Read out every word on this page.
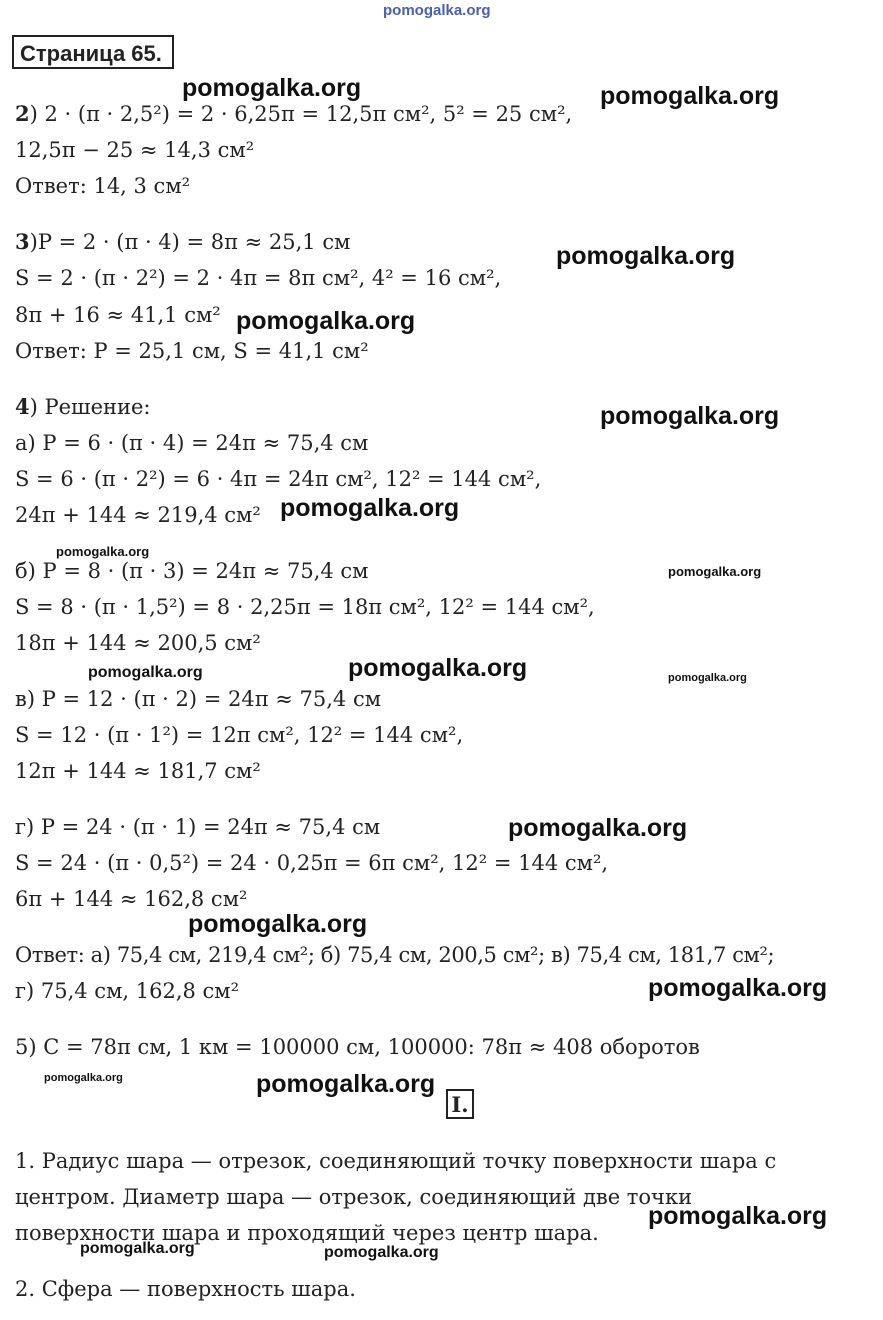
pomogalka.org
Страница 65.
2) 2 · (π · 2,5²) = 2 · 6,25π = 12,5π см², 5² = 25 см²,
12,5π − 25 ≈ 14,3 см²
Ответ: 14, 3 см²
3)P = 2 · (π · 4) = 8π ≈ 25,1 см
S = 2 · (π · 2²) = 2 · 4π = 8π см², 4² = 16 см²,
8π + 16 ≈ 41,1 см²
Ответ: P = 25,1 см, S = 41,1 см²
4) Решение:
а) P = 6 · (π · 4) = 24π ≈ 75,4 см
S = 6 · (π · 2²) = 6 · 4π = 24π см², 12² = 144 см²,
24π + 144 ≈ 219,4 см²
б) P = 8 · (π · 3) = 24π ≈ 75,4 см
S = 8 · (π · 1,5²) = 8 · 2,25π = 18π см², 12² = 144 см²,
18π + 144 ≈ 200,5 см²
в) P = 12 · (π · 2) = 24π ≈ 75,4 см
S = 12 · (π · 1²) = 12π см², 12² = 144 см²,
12π + 144 ≈ 181,7 см²
г) P = 24 · (π · 1) = 24π ≈ 75,4 см
S = 24 · (π · 0,5²) = 24 · 0,25π = 6π см², 12² = 144 см²,
6π + 144 ≈ 162,8 см²
Ответ: а) 75,4 см, 219,4 см²; б) 75,4 см, 200,5 см²; в) 75,4 см, 181,7 см²;
г) 75,4 см, 162,8 см²
5) C = 78π см, 1 км = 100000 см, 100000: 78π ≈ 408 оборотов
I.
1. Радиус шара — отрезок, соединяющий точку поверхности шара с
центром. Диаметр шара — отрезок, соединяющий две точки
поверхности шара и проходящий через центр шара.
2. Сфера — поверхность шара.
pomogalka.org	pomogalka.org
pomogalka.org
pomogalka.org
pomogalka.org
pomogalka.org
pomogalka.org
pomogalka.org
pomogalka.org
pomogalka.org
pomogalka.org
pomogalka.org
pomogalka.org
pomogalka.org
pomogalka.org	pomogalka.org
pomogalka.org
pomogalka.org	pomogalka.org
